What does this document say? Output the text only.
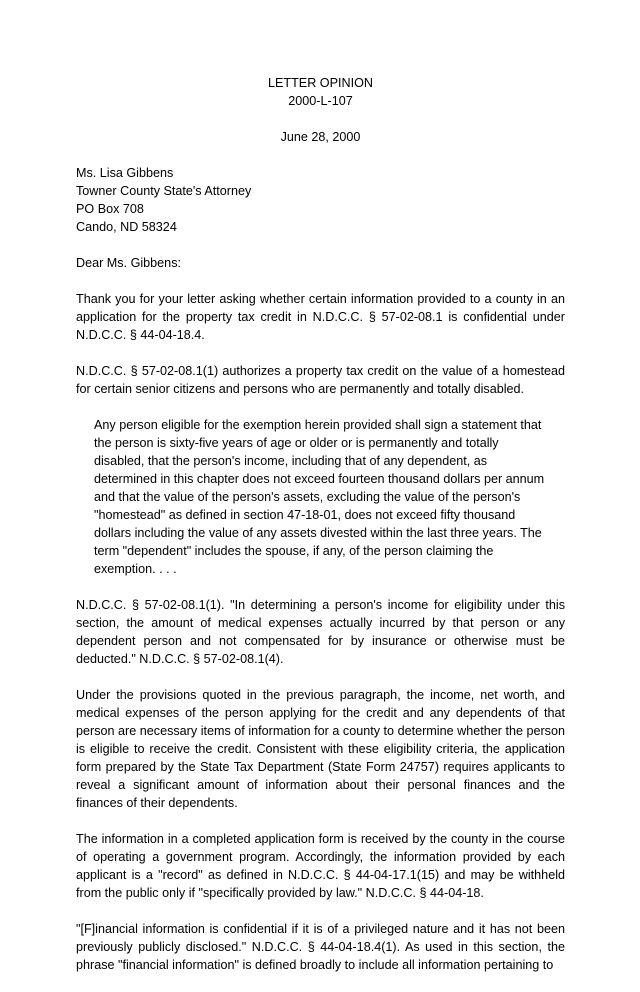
LETTER OPINION
2000-L-107
June 28, 2000
Ms. Lisa Gibbens
Towner County State's Attorney
PO Box 708
Cando, ND 58324

Dear Ms. Gibbens:

Thank you for your letter asking whether certain information provided to a county in an application for the property tax credit in N.D.C.C. § 57-02-08.1 is confidential under N.D.C.C. § 44-04-18.4.

N.D.C.C. § 57-02-08.1(1) authorizes a property tax credit on the value of a homestead for certain senior citizens and persons who are permanently and totally disabled.

Any person eligible for the exemption herein provided shall sign a statement that the person is sixty-five years of age or older or is permanently and totally disabled, that the person's income, including that of any dependent, as determined in this chapter does not exceed fourteen thousand dollars per annum and that the value of the person's assets, excluding the value of the person's "homestead" as defined in section 47-18-01, does not exceed fifty thousand dollars including the value of any assets divested within the last three years. The term "dependent" includes the spouse, if any, of the person claiming the exemption. . . .

N.D.C.C. § 57-02-08.1(1). "In determining a person's income for eligibility under this section, the amount of medical expenses actually incurred by that person or any dependent person and not compensated for by insurance or otherwise must be deducted." N.D.C.C. § 57-02-08.1(4).

Under the provisions quoted in the previous paragraph, the income, net worth, and medical expenses of the person applying for the credit and any dependents of that person are necessary items of information for a county to determine whether the person is eligible to receive the credit. Consistent with these eligibility criteria, the application form prepared by the State Tax Department (State Form 24757) requires applicants to reveal a significant amount of information about their personal finances and the finances of their dependents.

The information in a completed application form is received by the county in the course of operating a government program. Accordingly, the information provided by each applicant is a "record" as defined in N.D.C.C. § 44-04-17.1(15) and may be withheld from the public only if "specifically provided by law." N.D.C.C. § 44-04-18.

"[F]inancial information is confidential if it is of a privileged nature and it has not been previously publicly disclosed." N.D.C.C. § 44-04-18.4(1). As used in this section, the phrase "financial information" is defined broadly to include all information pertaining to
